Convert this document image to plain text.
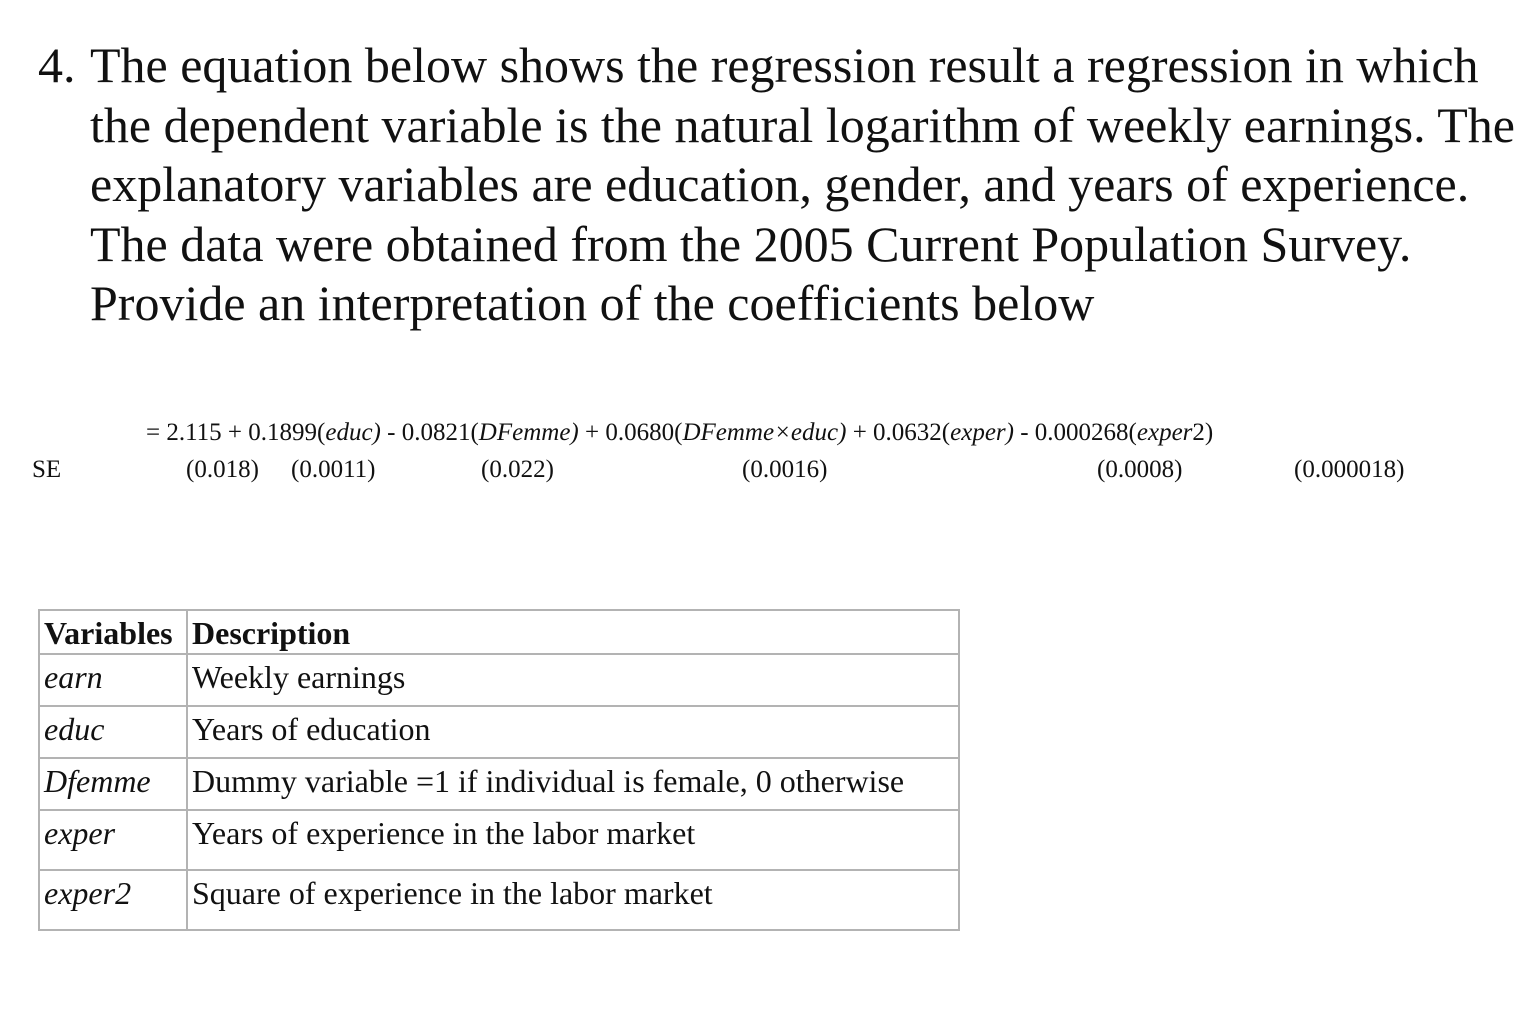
4. The equation below shows the regression result a regression in which the dependent variable is the natural logarithm of weekly earnings. The explanatory variables are education, gender, and years of experience. The data were obtained from the 2005 Current Population Survey. Provide an interpretation of the coefficients below
= 2.115 + 0.1899(educ) - 0.0821(DFemme) + 0.0680(DFemme×educ) + 0.0632(exper) - 0.000268(exper2)
SE	(0.018) (0.0011)	(0.022)	(0.0016)	(0.0008)	(0.000018)
Variables	Description
earn	Weekly earnings
educ	Years of education
Dfemme	Dummy variable =1 if individual is female, 0 otherwise
exper	Years of experience in the labor market
exper2	Square of experience in the labor market
